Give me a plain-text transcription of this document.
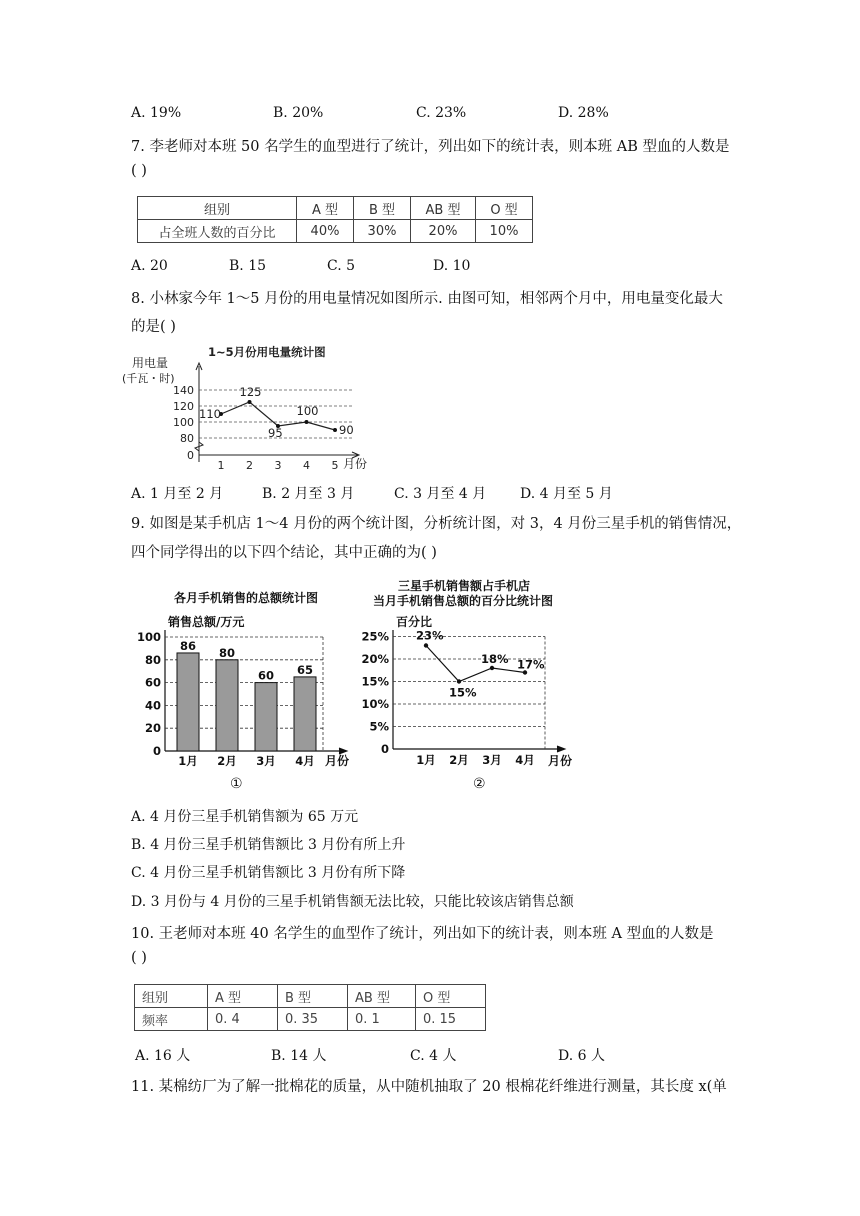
A. 19%	B. 20%	C. 23%	D. 28%
7. 李老师对本班 50 名学生的血型进行了统计，列出如下的统计表，则本班 AB 型血的人数是
( )
组别	A 型	B 型	AB 型	O 型
占全班人数的百分比	40%	30%	20%	10%
A. 20	B. 15	C. 5	D. 10
8. 小林家今年 1～5 月份的用电量情况如图所示. 由图可知，相邻两个月中，用电量变化最大
的是( )
1~5月份用电量统计图
用电量
(千瓦・时)
月份
0
80
100
120
140
1 2 3 4 5
110
125
95
100
90
A. 1 月至 2 月	B. 2 月至 3 月	C. 3 月至 4 月 D. 4 月至 5 月
9. 如图是某手机店 1～4 月份的两个统计图，分析统计图，对 3，4 月份三星手机的销售情况，
四个同学得出的以下四个结论，其中正确的为( )
各月手机销售的总额统计图
销售总额/万元
月份
①
0
20
40
60
80
100
86
1月
80
2月
60
3月
65
4月
三星手机销售额占手机店
当月手机销售总额的百分比统计图
百分比
月份
②
0
5%
10%
15%
20%
25%
1月 2月 3月 4月
23%
15%
18% 17%
A. 4 月份三星手机销售额为 65 万元
B. 4 月份三星手机销售额比 3 月份有所上升
C. 4 月份三星手机销售额比 3 月份有所下降
D. 3 月份与 4 月份的三星手机销售额无法比较，只能比较该店销售总额
10. 王老师对本班 40 名学生的血型作了统计，列出如下的统计表，则本班 A 型血的人数是
( )
组别	A 型	B 型	AB 型	O 型
频率	0. 4	0. 35	0. 1	0. 15
A. 16 人	B. 14 人	C. 4 人	D. 6 人
11. 某棉纺厂为了解一批棉花的质量，从中随机抽取了 20 根棉花纤维进行测量，其长度 x(单
